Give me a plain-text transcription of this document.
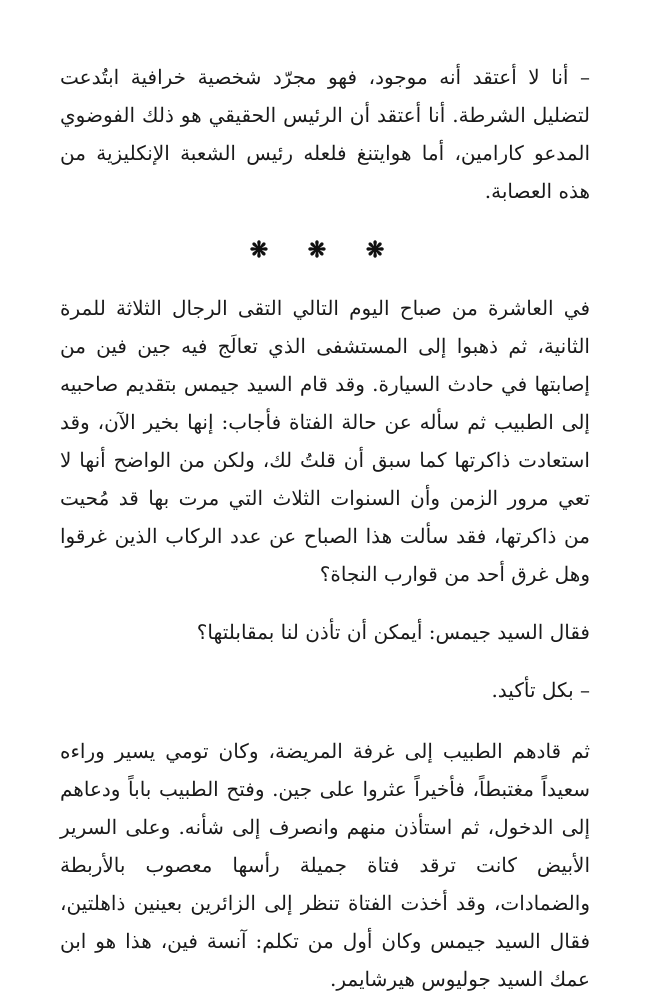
– أنا لا أعتقد أنه موجود، فهو مجرّد شخصية خرافية ابتُدعت لتضليل الشرطة. أنا أعتقد أن الرئيس الحقيقي هو ذلك الفوضوي المدعو كارامين، أما هوايتنغ فلعله رئيس الشعبة الإنكليزية من هذه العصابة.

❋ ❋ ❋

في العاشرة من صباح اليوم التالي التقى الرجال الثلاثة للمرة الثانية، ثم ذهبوا إلى المستشفى الذي تعالَج فيه جين فين من إصابتها في حادث السيارة. وقد قام السيد جيمس بتقديم صاحبيه إلى الطبيب ثم سأله عن حالة الفتاة فأجاب: إنها بخير الآن، وقد استعادت ذاكرتها كما سبق أن قلتُ لك، ولكن من الواضح أنها لا تعي مرور الزمن وأن السنوات الثلاث التي مرت بها قد مُحيت من ذاكرتها، فقد سألت هذا الصباح عن عدد الركاب الذين غرقوا وهل غرق أحد من قوارب النجاة؟

فقال السيد جيمس: أيمكن أن تأذن لنا بمقابلتها؟

– بكل تأكيد.

ثم قادهم الطبيب إلى غرفة المريضة، وكان تومي يسير وراءه سعيداً مغتبطاً، فأخيراً عثروا على جين. وفتح الطبيب باباً ودعاهم إلى الدخول، ثم استأذن منهم وانصرف إلى شأنه. وعلى السرير الأبيض كانت ترقد فتاة جميلة رأسها معصوب بالأربطة والضمادات، وقد أخذت الفتاة تنظر إلى الزائرين بعينين ذاهلتين، فقال السيد جيمس وكان أول من تكلم: آنسة فين، هذا هو ابن عمك السيد جوليوس هيرشايمر.
